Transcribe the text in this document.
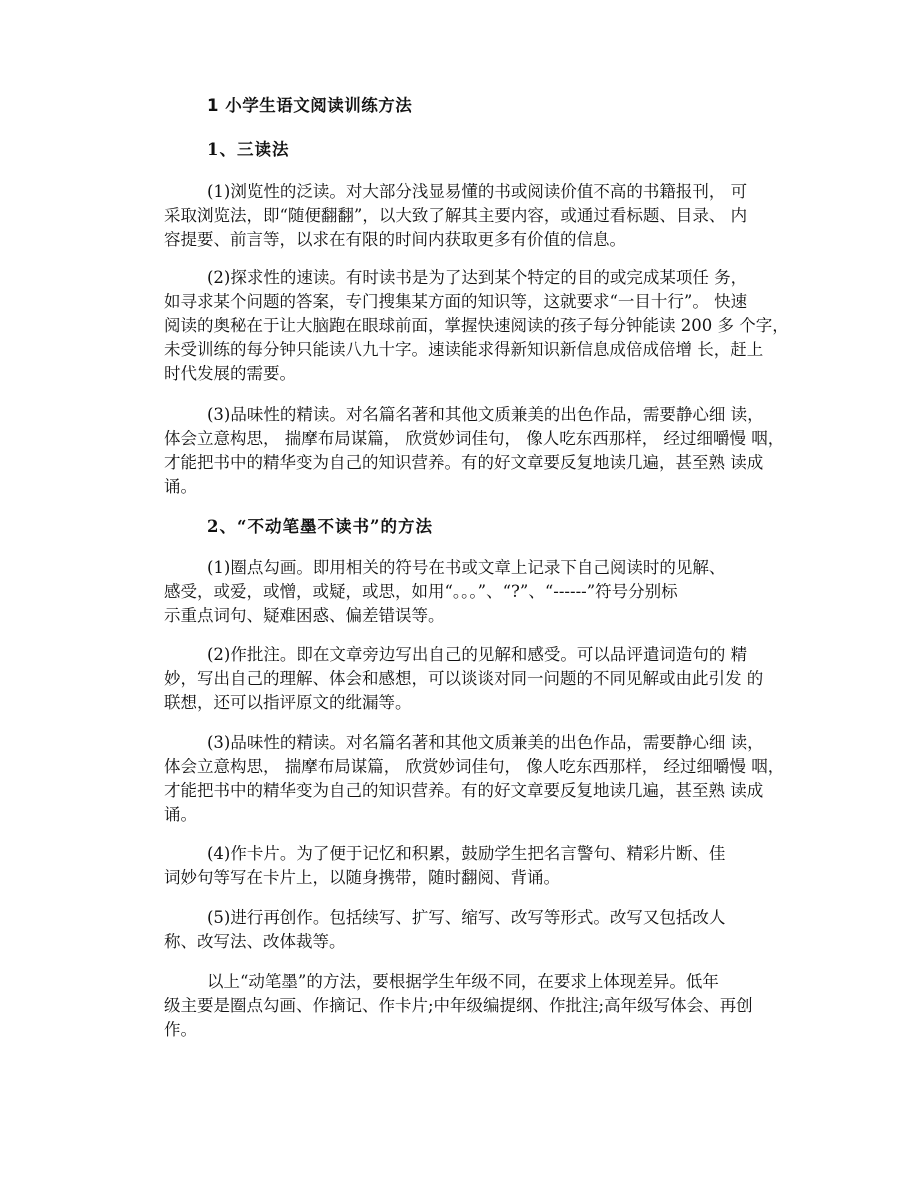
1 小学生语文阅读训练方法
1、三读法

(1)浏览性的泛读。对大部分浅显易懂的书或阅读价值不高的书籍报刊， 可
采取浏览法，即“随便翻翻”，以大致了解其主要内容，或通过看标题、目录、 内
容提要、前言等，以求在有限的时间内获取更多有价值的信息。

(2)探求性的速读。有时读书是为了达到某个特定的目的或完成某项任 务，
如寻求某个问题的答案，专门搜集某方面的知识等，这就要求“一目十行”。 快速
阅读的奥秘在于让大脑跑在眼球前面，掌握快速阅读的孩子每分钟能读 200 多 个字，
未受训练的每分钟只能读八九十字。速读能求得新知识新信息成倍成倍增 长，赶上
时代发展的需要。

(3)品味性的精读。对名篇名著和其他文质兼美的出色作品，需要静心细 读，
体会立意构思， 揣摩布局谋篇， 欣赏妙词佳句， 像人吃东西那样， 经过细嚼慢 咽，
才能把书中的精华变为自己的知识营养。有的好文章要反复地读几遍，甚至熟 读成
诵。

2、“不动笔墨不读书”的方法

(1)圈点勾画。即用相关的符号在书或文章上记录下自己阅读时的见解、
感受，或爱，或憎，或疑，或思，如用“。。。”、“?”、“------”符号分别标
示重点词句、疑难困惑、偏差错误等。

(2)作批注。即在文章旁边写出自己的见解和感受。可以品评遣词造句的 精
妙，写出自己的理解、体会和感想，可以谈谈对同一问题的不同见解或由此引发 的
联想，还可以指评原文的纰漏等。

(3)品味性的精读。对名篇名著和其他文质兼美的出色作品，需要静心细 读，
体会立意构思， 揣摩布局谋篇， 欣赏妙词佳句， 像人吃东西那样， 经过细嚼慢 咽，
才能把书中的精华变为自己的知识营养。有的好文章要反复地读几遍，甚至熟 读成
诵。

(4)作卡片。为了便于记忆和积累，鼓励学生把名言警句、精彩片断、佳
词妙句等写在卡片上，以随身携带，随时翻阅、背诵。

(5)进行再创作。包括续写、扩写、缩写、改写等形式。改写又包括改人
称、改写法、改体裁等。

以上“动笔墨”的方法，要根据学生年级不同，在要求上体现差异。低年
级主要是圈点勾画、作摘记、作卡片;中年级编提纲、作批注;高年级写体会、再创
作。
